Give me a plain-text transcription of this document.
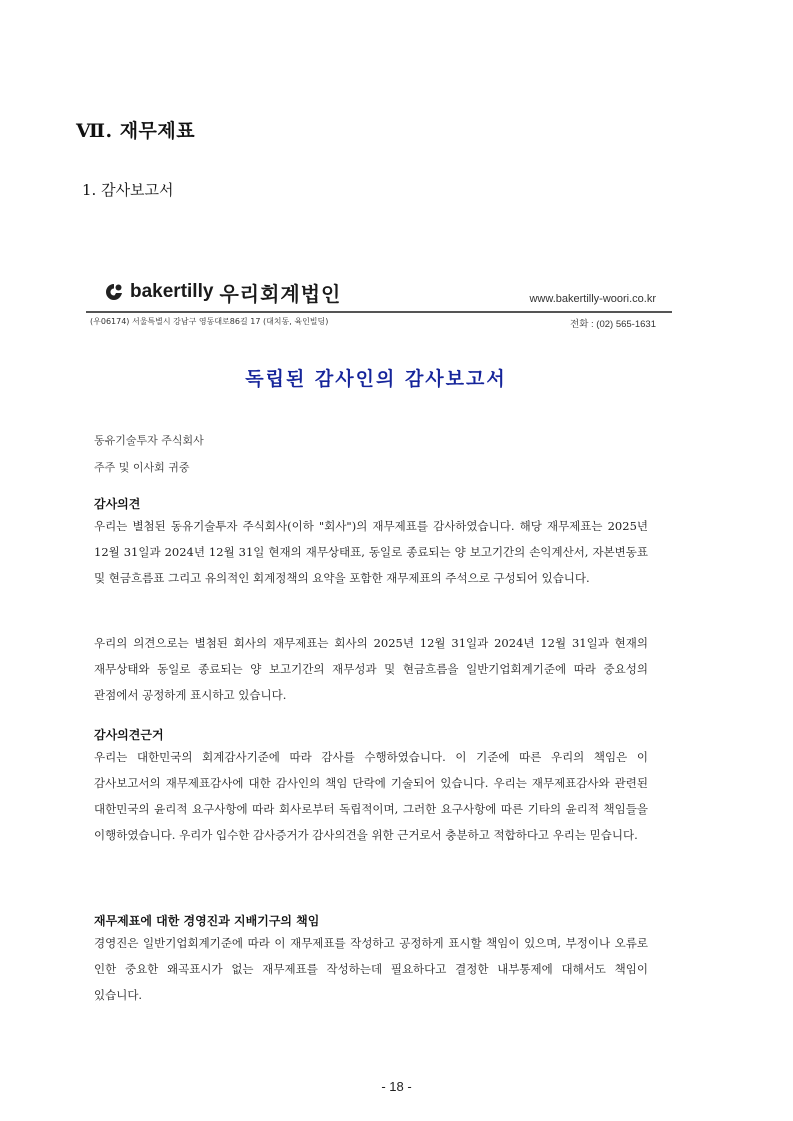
Ⅶ. 재무제표
1. 감사보고서
bakertilly 우리회계법인	www.bakertilly-woori.co.kr
(우06174) 서울특별시 강남구 영동대로86길 17 (대치동, 육인빌딩)	전화 : (02) 565-1631
독립된 감사인의 감사보고서
동유기술투자 주식회사
주주 및 이사회 귀중
감사의견
우리는 별첨된 동유기술투자 주식회사(이하 "회사")의 재무제표를 감사하였습니다. 해당 재무제표는 2025년 12월 31일과 2024년 12월 31일 현재의 재무상태표, 동일로 종료되는 양 보고기간의 손익계산서, 자본변동표 및 현금흐름표 그리고 유의적인 회계정책의 요약을 포함한 재무제표의 주석으로 구성되어 있습니다.
우리의 의견으로는 별첨된 회사의 재무제표는 회사의 2025년 12월 31일과 2024년 12월 31일과 현재의 재무상태와 동일로 종료되는 양 보고기간의 재무성과 및 현금흐름을 일반기업회계기준에 따라 중요성의 관점에서 공정하게 표시하고 있습니다.
감사의견근거
우리는 대한민국의 회계감사기준에 따라 감사를 수행하였습니다. 이 기준에 따른 우리의 책임은 이 감사보고서의 재무제표감사에 대한 감사인의 책임 단락에 기술되어 있습니다. 우리는 재무제표감사와 관련된 대한민국의 윤리적 요구사항에 따라 회사로부터 독립적이며, 그러한 요구사항에 따른 기타의 윤리적 책임들을 이행하였습니다. 우리가 입수한 감사증거가 감사의견을 위한 근거로서 충분하고 적합하다고 우리는 믿습니다.
재무제표에 대한 경영진과 지배기구의 책임
경영진은 일반기업회계기준에 따라 이 재무제표를 작성하고 공정하게 표시할 책임이 있으며, 부정이나 오류로 인한 중요한 왜곡표시가 없는 재무제표를 작성하는데 필요하다고 결정한 내부통제에 대해서도 책임이 있습니다.
- 18 -
